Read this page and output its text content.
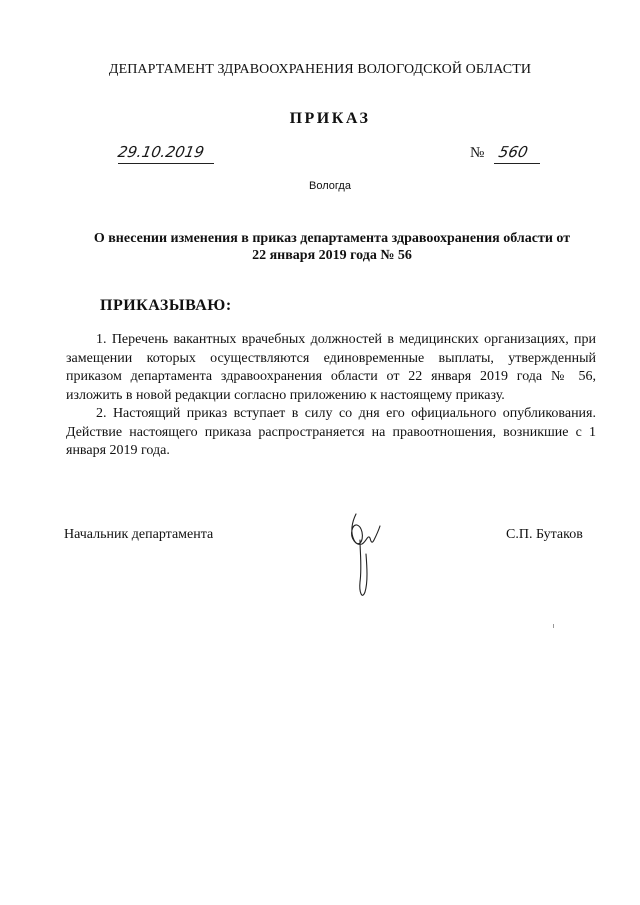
ДЕПАРТАМЕНТ ЗДРАВООХРАНЕНИЯ ВОЛОГОДСКОЙ ОБЛАСТИ
ПРИКАЗ
29.10.2019	№ 560
Вологда
О внесении изменения в приказ департамента здравоохранения области от
22 января 2019 года № 56
ПРИКАЗЫВАЮ:

1. Перечень вакантных врачебных должностей в медицинских организациях, при замещении которых осуществляются единовременные выплаты, утвержденный приказом департамента здравоохранения области от 22 января 2019 года № 56, изложить в новой редакции согласно приложению к настоящему приказу.

2. Настоящий приказ вступает в силу со дня его официального опубликования. Действие настоящего приказа распространяется на правоотношения, возникшие с 1 января 2019 года.

Начальник департамента	С.П. Бутаков
